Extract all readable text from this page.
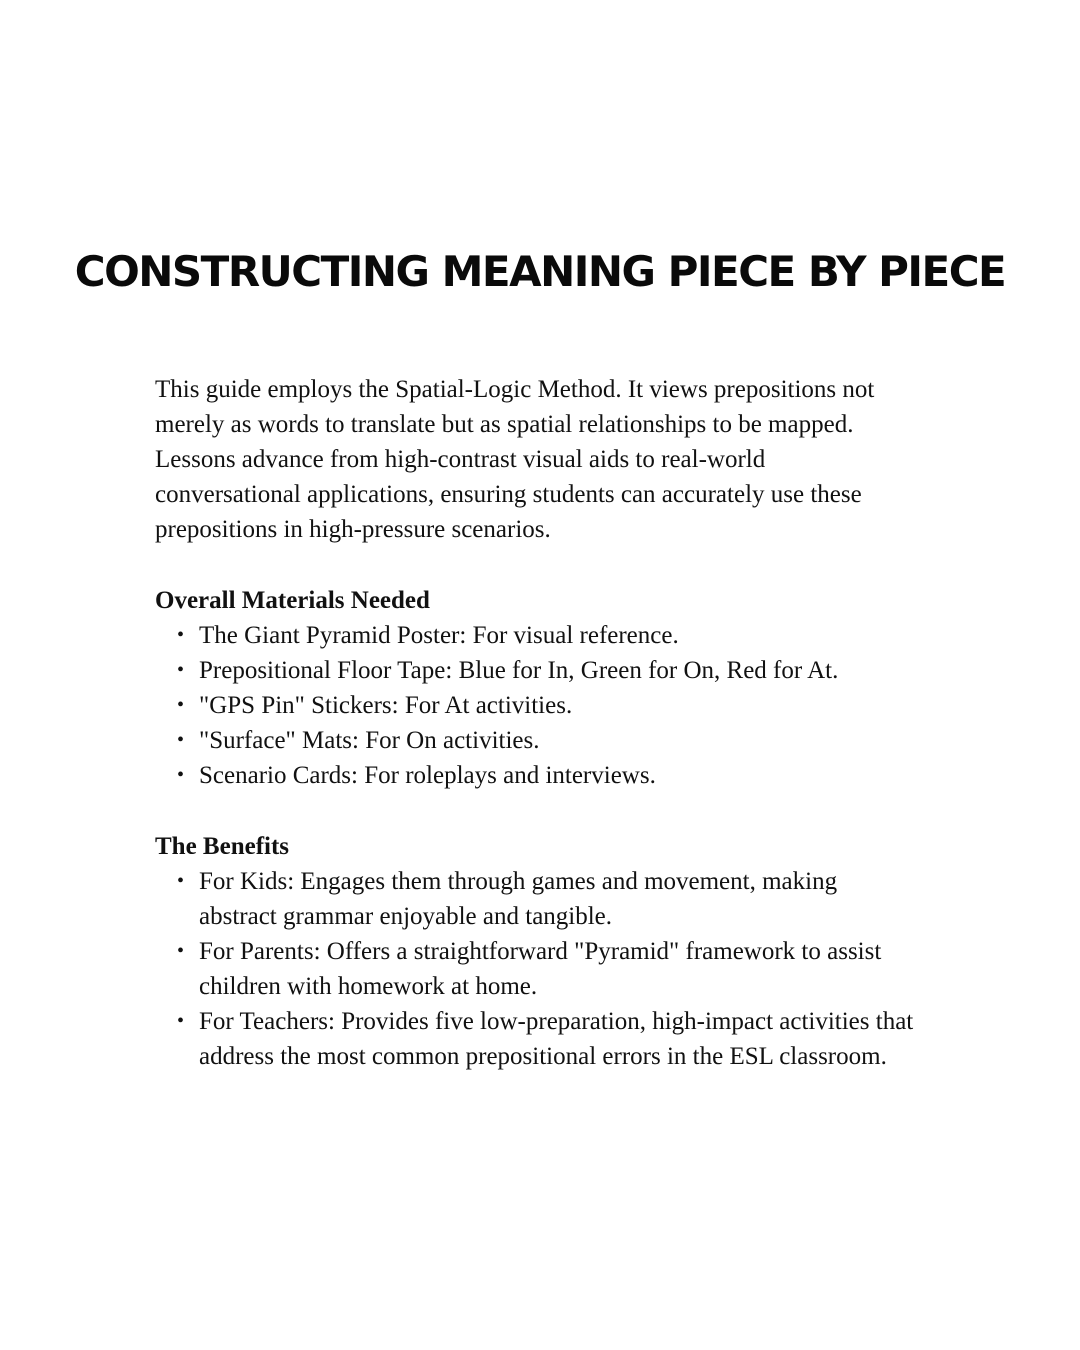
CONSTRUCTING MEANING PIECE BY PIECE

This guide employs the Spatial-Logic Method. It views prepositions not merely as words to translate but as spatial relationships to be mapped. Lessons advance from high-contrast visual aids to real-world conversational applications, ensuring students can accurately use these prepositions in high-pressure scenarios.

Overall Materials Needed
• The Giant Pyramid Poster: For visual reference.
• Prepositional Floor Tape: Blue for In, Green for On, Red for At.
• "GPS Pin" Stickers: For At activities.
• "Surface" Mats: For On activities.
• Scenario Cards: For roleplays and interviews.
The Benefits
• For Kids: Engages them through games and movement, making abstract grammar enjoyable and tangible.
• For Parents: Offers a straightforward "Pyramid" framework to assist children with homework at home.
• For Teachers: Provides five low-preparation, high-impact activities that address the most common prepositional errors in the ESL classroom.
